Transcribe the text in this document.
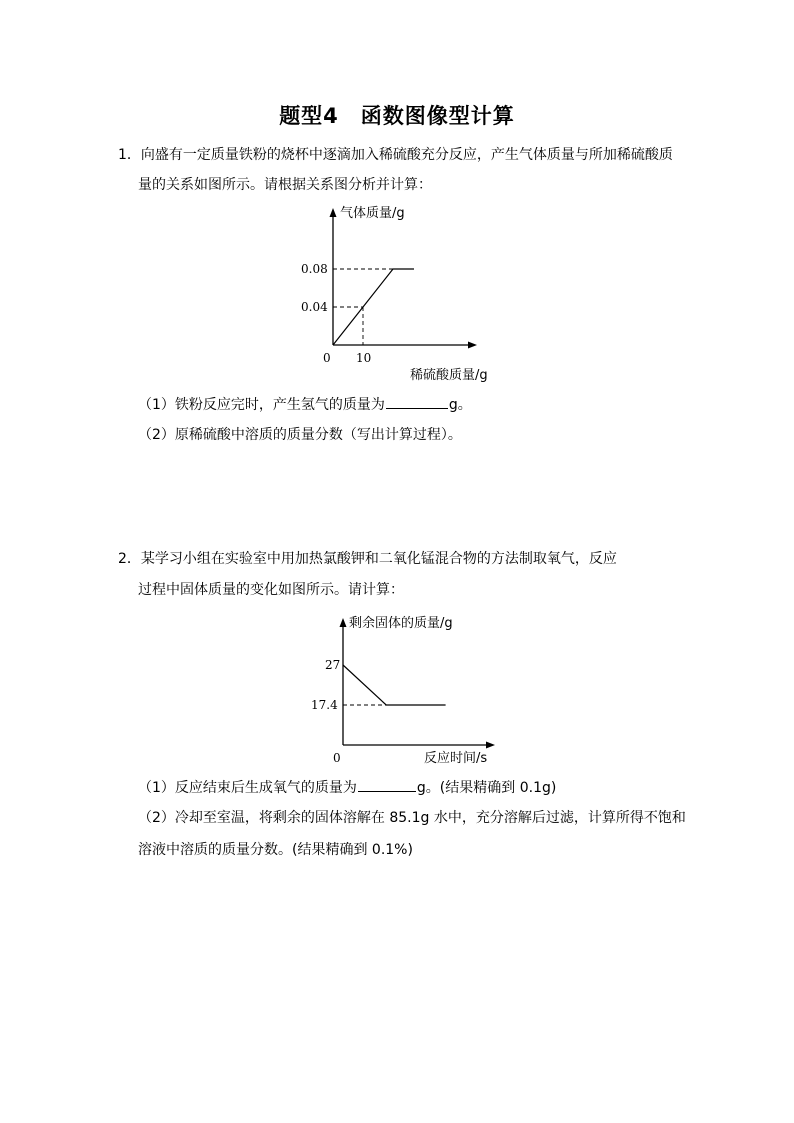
题型4　函数图像型计算
1．向盛有一定质量铁粉的烧杯中逐滴加入稀硫酸充分反应，产生气体质量与所加稀硫酸质
量的关系如图所示。请根据关系图分析并计算：
气体质量/g
稀硫酸质量/g
0
0.04
0.08
10
（1）铁粉反应完时，产生氢气的质量为	g。
（2）原稀硫酸中溶质的质量分数（写出计算过程）。
2．某学习小组在实验室中用加热氯酸钾和二氧化锰混合物的方法制取氧气，反应
过程中固体质量的变化如图所示。请计算：
剩余固体的质量/g
反应时间/s
0
27
17.4
（1）反应结束后生成氧气的质量为	g。(结果精确到 0.1g)
（2）冷却至室温，将剩余的固体溶解在 85.1g 水中，充分溶解后过滤，计算所得不饱和
溶液中溶质的质量分数。(结果精确到 0.1%)
